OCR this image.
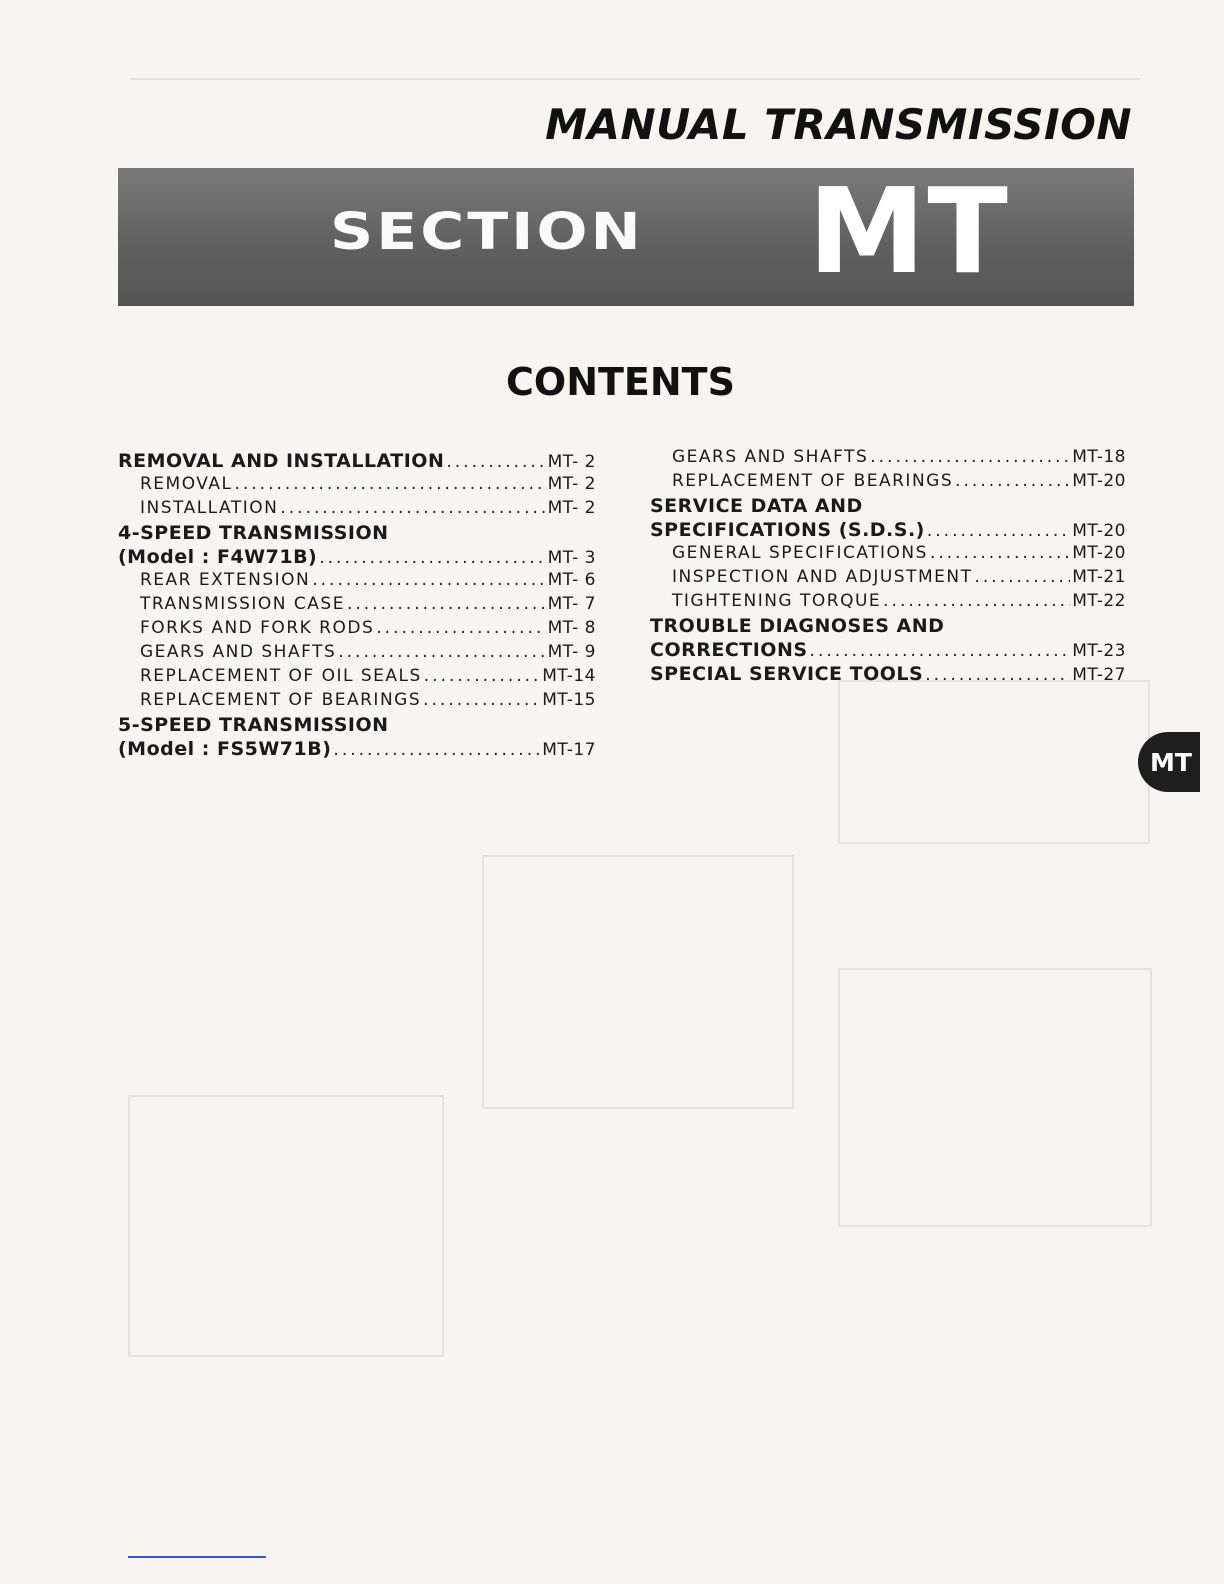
MANUAL TRANSMISSION
SECTION MT
CONTENTS
REMOVAL AND INSTALLATION .....	MT- 2
REMOVAL .....	MT- 2
INSTALLATION .....	MT- 2
4-SPEED TRANSMISSION
(Model : F4W71B) .....	MT- 3
REAR EXTENSION .....	MT- 6
TRANSMISSION CASE .....	MT- 7
FORKS AND FORK RODS .....	MT- 8
GEARS AND SHAFTS .....	MT- 9
REPLACEMENT OF OIL SEALS .....	MT-14
REPLACEMENT OF BEARINGS .....	MT-15
5-SPEED TRANSMISSION
(Model : FS5W71B) .....	MT-17
GEARS AND SHAFTS .....	MT-18
REPLACEMENT OF BEARINGS .....	MT-20
SERVICE DATA AND
SPECIFICATIONS (S.D.S.) .....	MT-20
GENERAL SPECIFICATIONS .....	MT-20
INSPECTION AND ADJUSTMENT .....	MT-21
TIGHTENING TORQUE .....	MT-22
TROUBLE DIAGNOSES AND
CORRECTIONS .....	MT-23
SPECIAL SERVICE TOOLS .....	MT-27
MT
